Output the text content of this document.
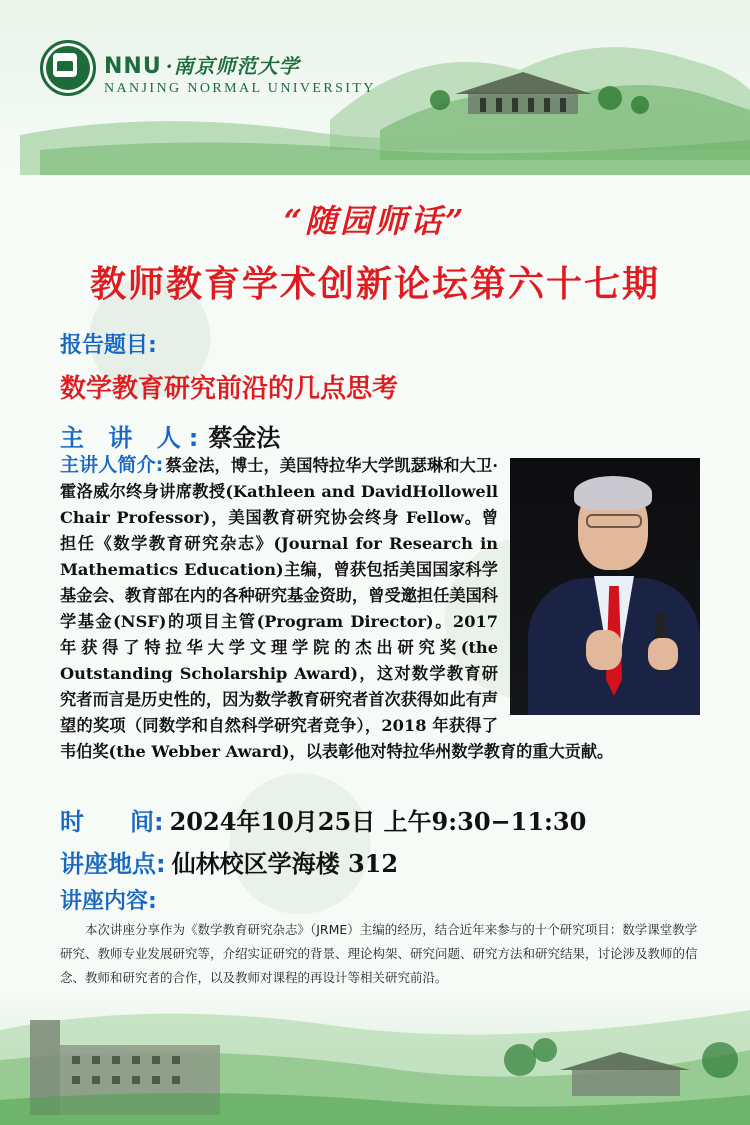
NNU ·南京师范大学
NANJING NORMAL UNIVERSITY
“随园师话”
教师教育学术创新论坛第六十七期
报告题目:
数学教育研究前沿的几点思考
主 讲 人:蔡金法
主讲人简介: 蔡金法，博士，美国特拉华大学凯瑟琳和大卫·霍洛威尔终身讲席教授(Kathleen and DavidHollowell Chair Professor)，美国教育研究协会终身 Fellow。曾担任《数学教育研究杂志》(Journal for Research in Mathematics Education)主编，曾获包括美国国家科学基金会、教育部在内的各种研究基金资助，曾受邀担任美国科学基金(NSF)的项目主管(Program Director)。2017 年获得了特拉华大学文理学院的杰出研究奖(the Outstanding Scholarship Award)，这对数学教育研究者而言是历史性的，因为数学教育研究者首次获得如此有声望的奖项（同数学和自然科学研究者竞争），2018 年获得了韦伯奖(the Webber Award)，以表彰他对特拉华州数学教育的重大贡献。
时 间: 2024年10月25日 上午9:30−11:30
讲座地点: 仙林校区学海楼 312
讲座内容:
本次讲座分享作为《数学教育研究杂志》（JRME）主编的经历，结合近年来参与的十个研究项目：数学课堂教学研究、教师专业发展研究等，介绍实证研究的背景、理论构架、研究问题、研究方法和研究结果，讨论涉及教师的信念、教师和研究者的合作，以及教师对课程的再设计等相关研究前沿。
